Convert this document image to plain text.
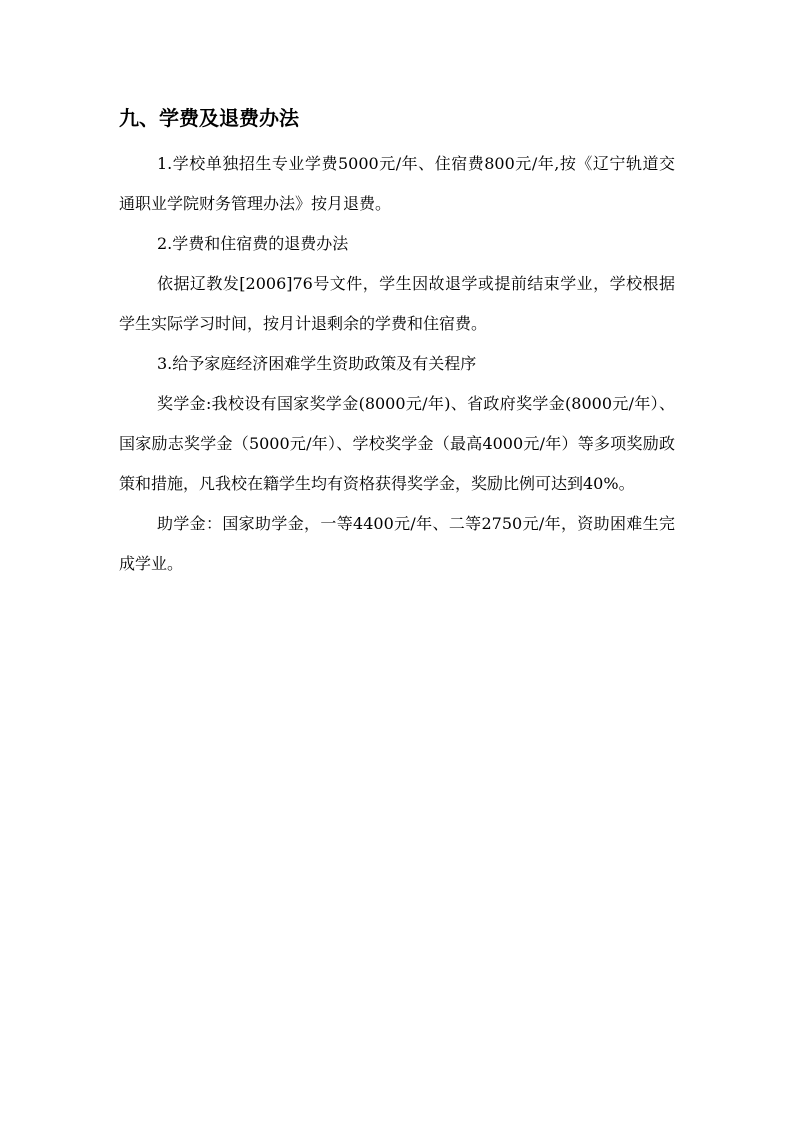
九、学费及退费办法

1.学校单独招生专业学费5000元/年、住宿费800元/年,按《辽宁轨道交通职业学院财务管理办法》按月退费。

2.学费和住宿费的退费办法

依据辽教发[2006]76号文件，学生因故退学或提前结束学业，学校根据学生实际学习时间，按月计退剩余的学费和住宿费。

3.给予家庭经济困难学生资助政策及有关程序

奖学金:我校设有国家奖学金(8000元/年)、省政府奖学金(8000元/年）、国家励志奖学金（5000元/年）、学校奖学金（最高4000元/年）等多项奖励政策和措施，凡我校在籍学生均有资格获得奖学金，奖励比例可达到40%。

助学金：国家助学金，一等4400元/年、二等2750元/年，资助困难生完成学业。
